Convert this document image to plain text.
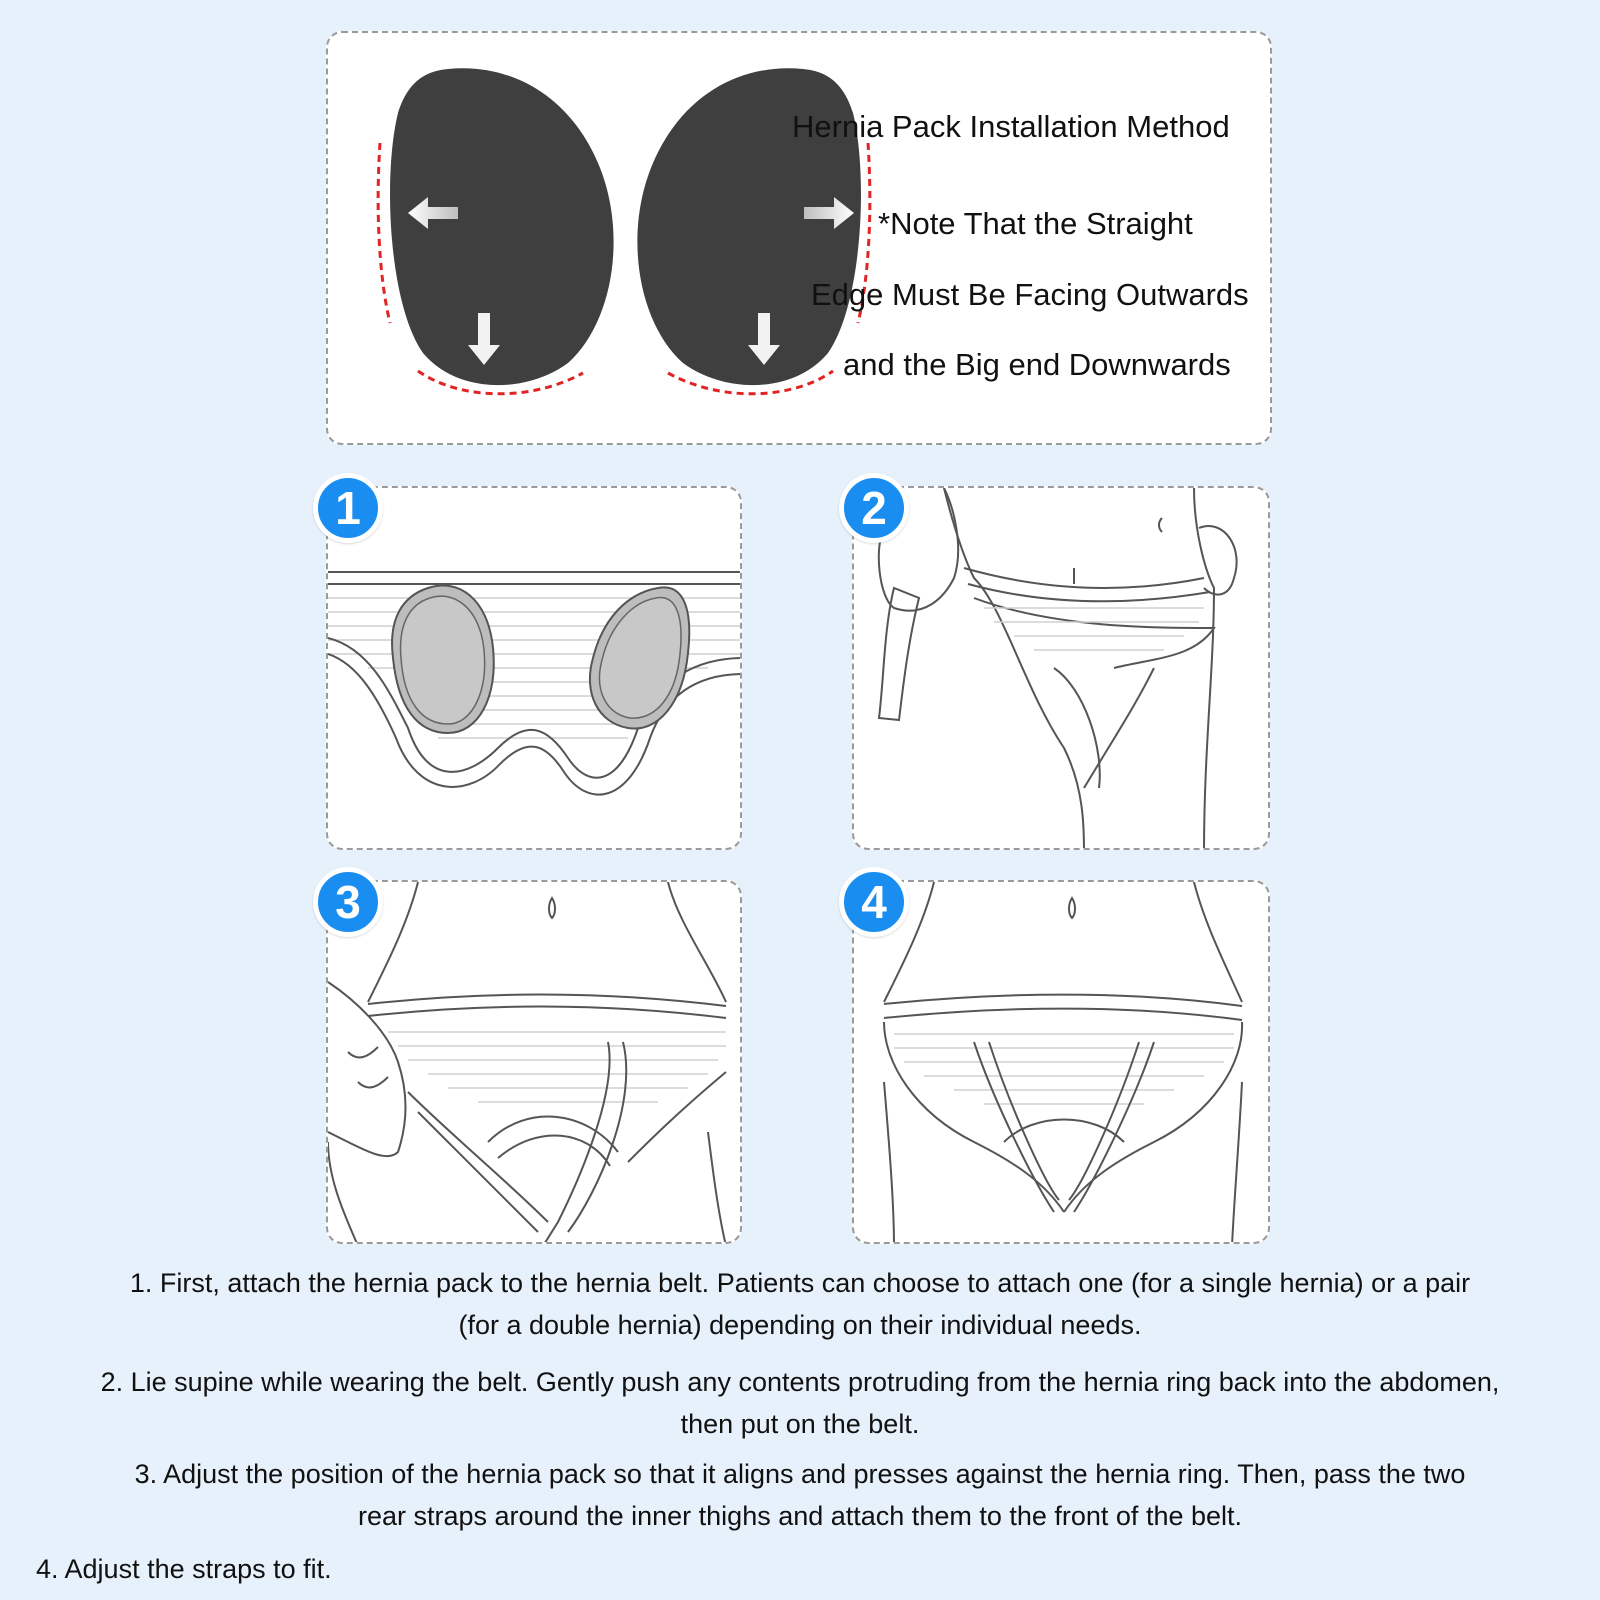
Hernia Pack Installation Method
*Note That the Straight
Edge Must Be Facing Outwards
and the Big end Downwards
1	2
3	4
1. First, attach the hernia pack to the hernia belt. Patients can choose to attach one (for a single hernia) or a pair
(for a double hernia) depending on their individual needs.
2. Lie supine while wearing the belt. Gently push any contents protruding from the hernia ring back into the abdomen,
then put on the belt.
3. Adjust the position of the hernia pack so that it aligns and presses against the hernia ring. Then, pass the two
rear straps around the inner thighs and attach them to the front of the belt.
4. Adjust the straps to fit.
